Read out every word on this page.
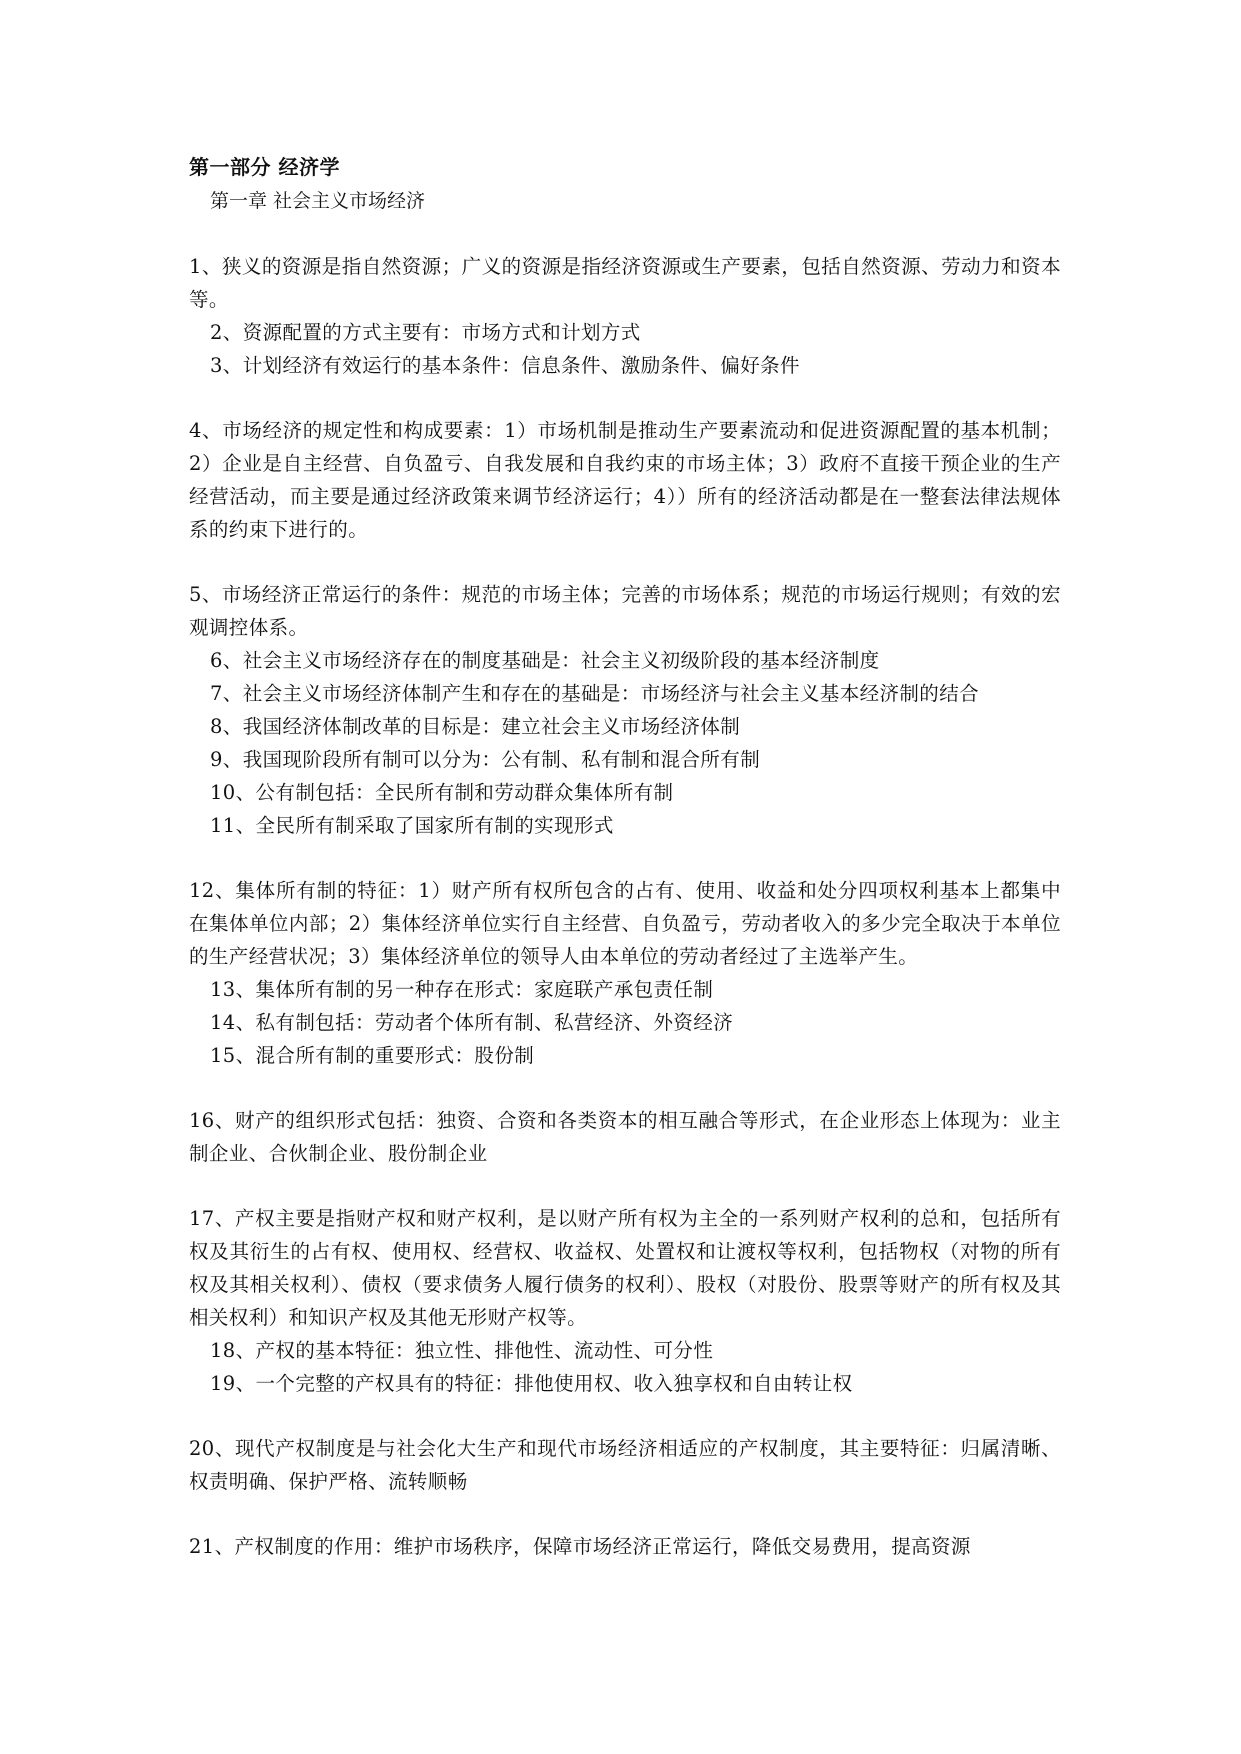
第一部分 经济学
第一章 社会主义市场经济

1、狭义的资源是指自然资源；广义的资源是指经济资源或生产要素，包括自然资源、劳动力和资本等。

2、资源配置的方式主要有：市场方式和计划方式

3、计划经济有效运行的基本条件：信息条件、激励条件、偏好条件

4、市场经济的规定性和构成要素：1）市场机制是推动生产要素流动和促进资源配置的基本机制；2）企业是自主经营、自负盈亏、自我发展和自我约束的市场主体；3）政府不直接干预企业的生产经营活动，而主要是通过经济政策来调节经济运行；4））所有的经济活动都是在一整套法律法规体系的约束下进行的。

5、市场经济正常运行的条件：规范的市场主体；完善的市场体系；规范的市场运行规则；有效的宏观调控体系。

6、社会主义市场经济存在的制度基础是：社会主义初级阶段的基本经济制度

7、社会主义市场经济体制产生和存在的基础是：市场经济与社会主义基本经济制的结合

8、我国经济体制改革的目标是：建立社会主义市场经济体制

9、我国现阶段所有制可以分为：公有制、私有制和混合所有制

10、公有制包括：全民所有制和劳动群众集体所有制

11、全民所有制采取了国家所有制的实现形式

12、集体所有制的特征：1）财产所有权所包含的占有、使用、收益和处分四项权利基本上都集中在集体单位内部；2）集体经济单位实行自主经营、自负盈亏，劳动者收入的多少完全取决于本单位的生产经营状况；3）集体经济单位的领导人由本单位的劳动者经过了主选举产生。

13、集体所有制的另一种存在形式：家庭联产承包责任制

14、私有制包括：劳动者个体所有制、私营经济、外资经济

15、混合所有制的重要形式：股份制

16、财产的组织形式包括：独资、合资和各类资本的相互融合等形式，在企业形态上体现为：业主制企业、合伙制企业、股份制企业

17、产权主要是指财产权和财产权利，是以财产所有权为主全的一系列财产权利的总和，包括所有权及其衍生的占有权、使用权、经营权、收益权、处置权和让渡权等权利，包括物权（对物的所有权及其相关权利）、债权（要求债务人履行债务的权利）、股权（对股份、股票等财产的所有权及其相关权利）和知识产权及其他无形财产权等。

18、产权的基本特征：独立性、排他性、流动性、可分性

19、一个完整的产权具有的特征：排他使用权、收入独享权和自由转让权

20、现代产权制度是与社会化大生产和现代市场经济相适应的产权制度，其主要特征：归属清晰、权责明确、保护严格、流转顺畅

21、产权制度的作用：维护市场秩序，保障市场经济正常运行，降低交易费用，提高资源
